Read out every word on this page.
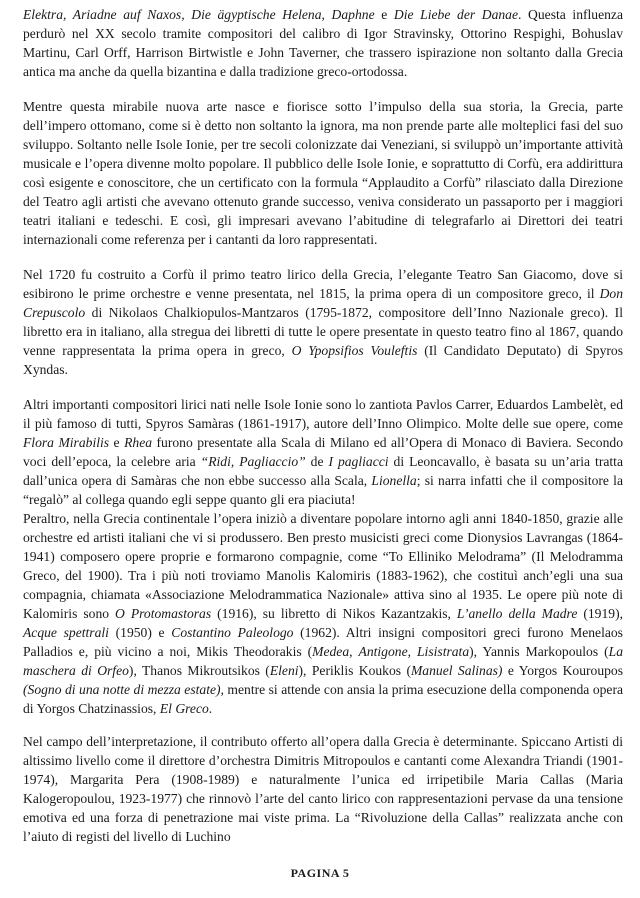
Elektra, Ariadne auf Naxos, Die ägyptische Helena, Daphne e Die Liebe der Danae. Questa influenza perdurò nel XX secolo tramite compositori del calibro di Igor Stravinsky, Ottorino Respighi, Bohuslav Martinu, Carl Orff, Harrison Birtwistle e John Taverner, che trassero ispirazione non soltanto dalla Grecia antica ma anche da quella bizantina e dalla tradizione greco-ortodossa.

Mentre questa mirabile nuova arte nasce e fiorisce sotto l’impulso della sua storia, la Grecia, parte dell’impero ottomano, come si è detto non soltanto la ignora, ma non prende parte alle molteplici fasi del suo sviluppo. Soltanto nelle Isole Ionie, per tre secoli colonizzate dai Veneziani, si sviluppò un’importante attività musicale e l’opera divenne molto popolare. Il pubblico delle Isole Ionie, e soprattutto di Corfù, era addirittura così esigente e conoscitore, che un certificato con la formula “Applaudito a Corfù” rilasciato dalla Direzione del Teatro agli artisti che avevano ottenuto grande successo, veniva considerato un passaporto per i maggiori teatri italiani e tedeschi. E così, gli impresari avevano l’abitudine di telegrafarlo ai Direttori dei teatri internazionali come referenza per i cantanti da loro rappresentati.

Nel 1720 fu costruito a Corfù il primo teatro lirico della Grecia, l’elegante Teatro San Giacomo, dove si esibirono le prime orchestre e venne presentata, nel 1815, la prima opera di un compositore greco, il Don Crepuscolo di Nikolaos Chalkiopulos-Mantzaros (1795-1872, compositore dell’Inno Nazionale greco). Il libretto era in italiano, alla stregua dei libretti di tutte le opere presentate in questo teatro fino al 1867, quando venne rappresentata la prima opera in greco, O Ypopsifios Vouleftis (Il Candidato Deputato) di Spyros Xyndas.

Altri importanti compositori lirici nati nelle Isole Ionie sono lo zantiota Pavlos Carrer, Eduardos Lambelèt, ed il più famoso di tutti, Spyros Samàras (1861-1917), autore dell’Inno Olimpico. Molte delle sue opere, come Flora Mirabilis e Rhea furono presentate alla Scala di Milano ed all’Opera di Monaco di Baviera. Secondo voci dell’epoca, la celebre aria “Ridi, Pagliaccio” de I pagliacci di Leoncavallo, è basata su un’aria tratta dall’unica opera di Samàras che non ebbe successo alla Scala, Lionella; si narra infatti che il compositore la “regalò” al collega quando egli seppe quanto gli era piaciuta!

Peraltro, nella Grecia continentale l’opera iniziò a diventare popolare intorno agli anni 1840-1850, grazie alle orchestre ed artisti italiani che vi si produssero. Ben presto musicisti greci come Dionysios Lavrangas (1864-1941) composero opere proprie e formarono compagnie, come “To Elliniko Melodrama” (Il Melodramma Greco, del 1900). Tra i più noti troviamo Manolis Kalomiris (1883-1962), che costituì anch’egli una sua compagnia, chiamata «Associazione Melodrammatica Nazionale» attiva sino al 1935. Le opere più note di Kalomiris sono O Protomastoras (1916), su libretto di Nikos Kazantzakis, L’anello della Madre (1919), Acque spettrali (1950) e Costantino Paleologo (1962). Altri insigni compositori greci furono Menelaos Palladios e, più vicino a noi, Mikis Theodorakis (Medea, Antigone, Lisistrata), Yannis Markopoulos (La maschera di Orfeo), Thanos Mikroutsikos (Eleni), Periklis Koukos (Manuel Salinas) e Yorgos Kouroupos (Sogno di una notte di mezza estate), mentre si attende con ansia la prima esecuzione della componenda opera di Yorgos Chatzinassios, El Greco.

Nel campo dell’interpretazione, il contributo offerto all’opera dalla Grecia è determinante. Spiccano Artisti di altissimo livello come il direttore d’orchestra Dimitris Mitropoulos e cantanti come Alexandra Triandi (1901-1974), Margarita Pera (1908-1989) e naturalmente l’unica ed irripetibile Maria Callas (Maria Kalogeropoulou, 1923-1977) che rinnovò l’arte del canto lirico con rappresentazioni pervase da una tensione emotiva ed una forza di penetrazione mai viste prima. La “Rivoluzione della Callas” realizzata anche con l’aiuto di registi del livello di Luchino

PAGINA 5
